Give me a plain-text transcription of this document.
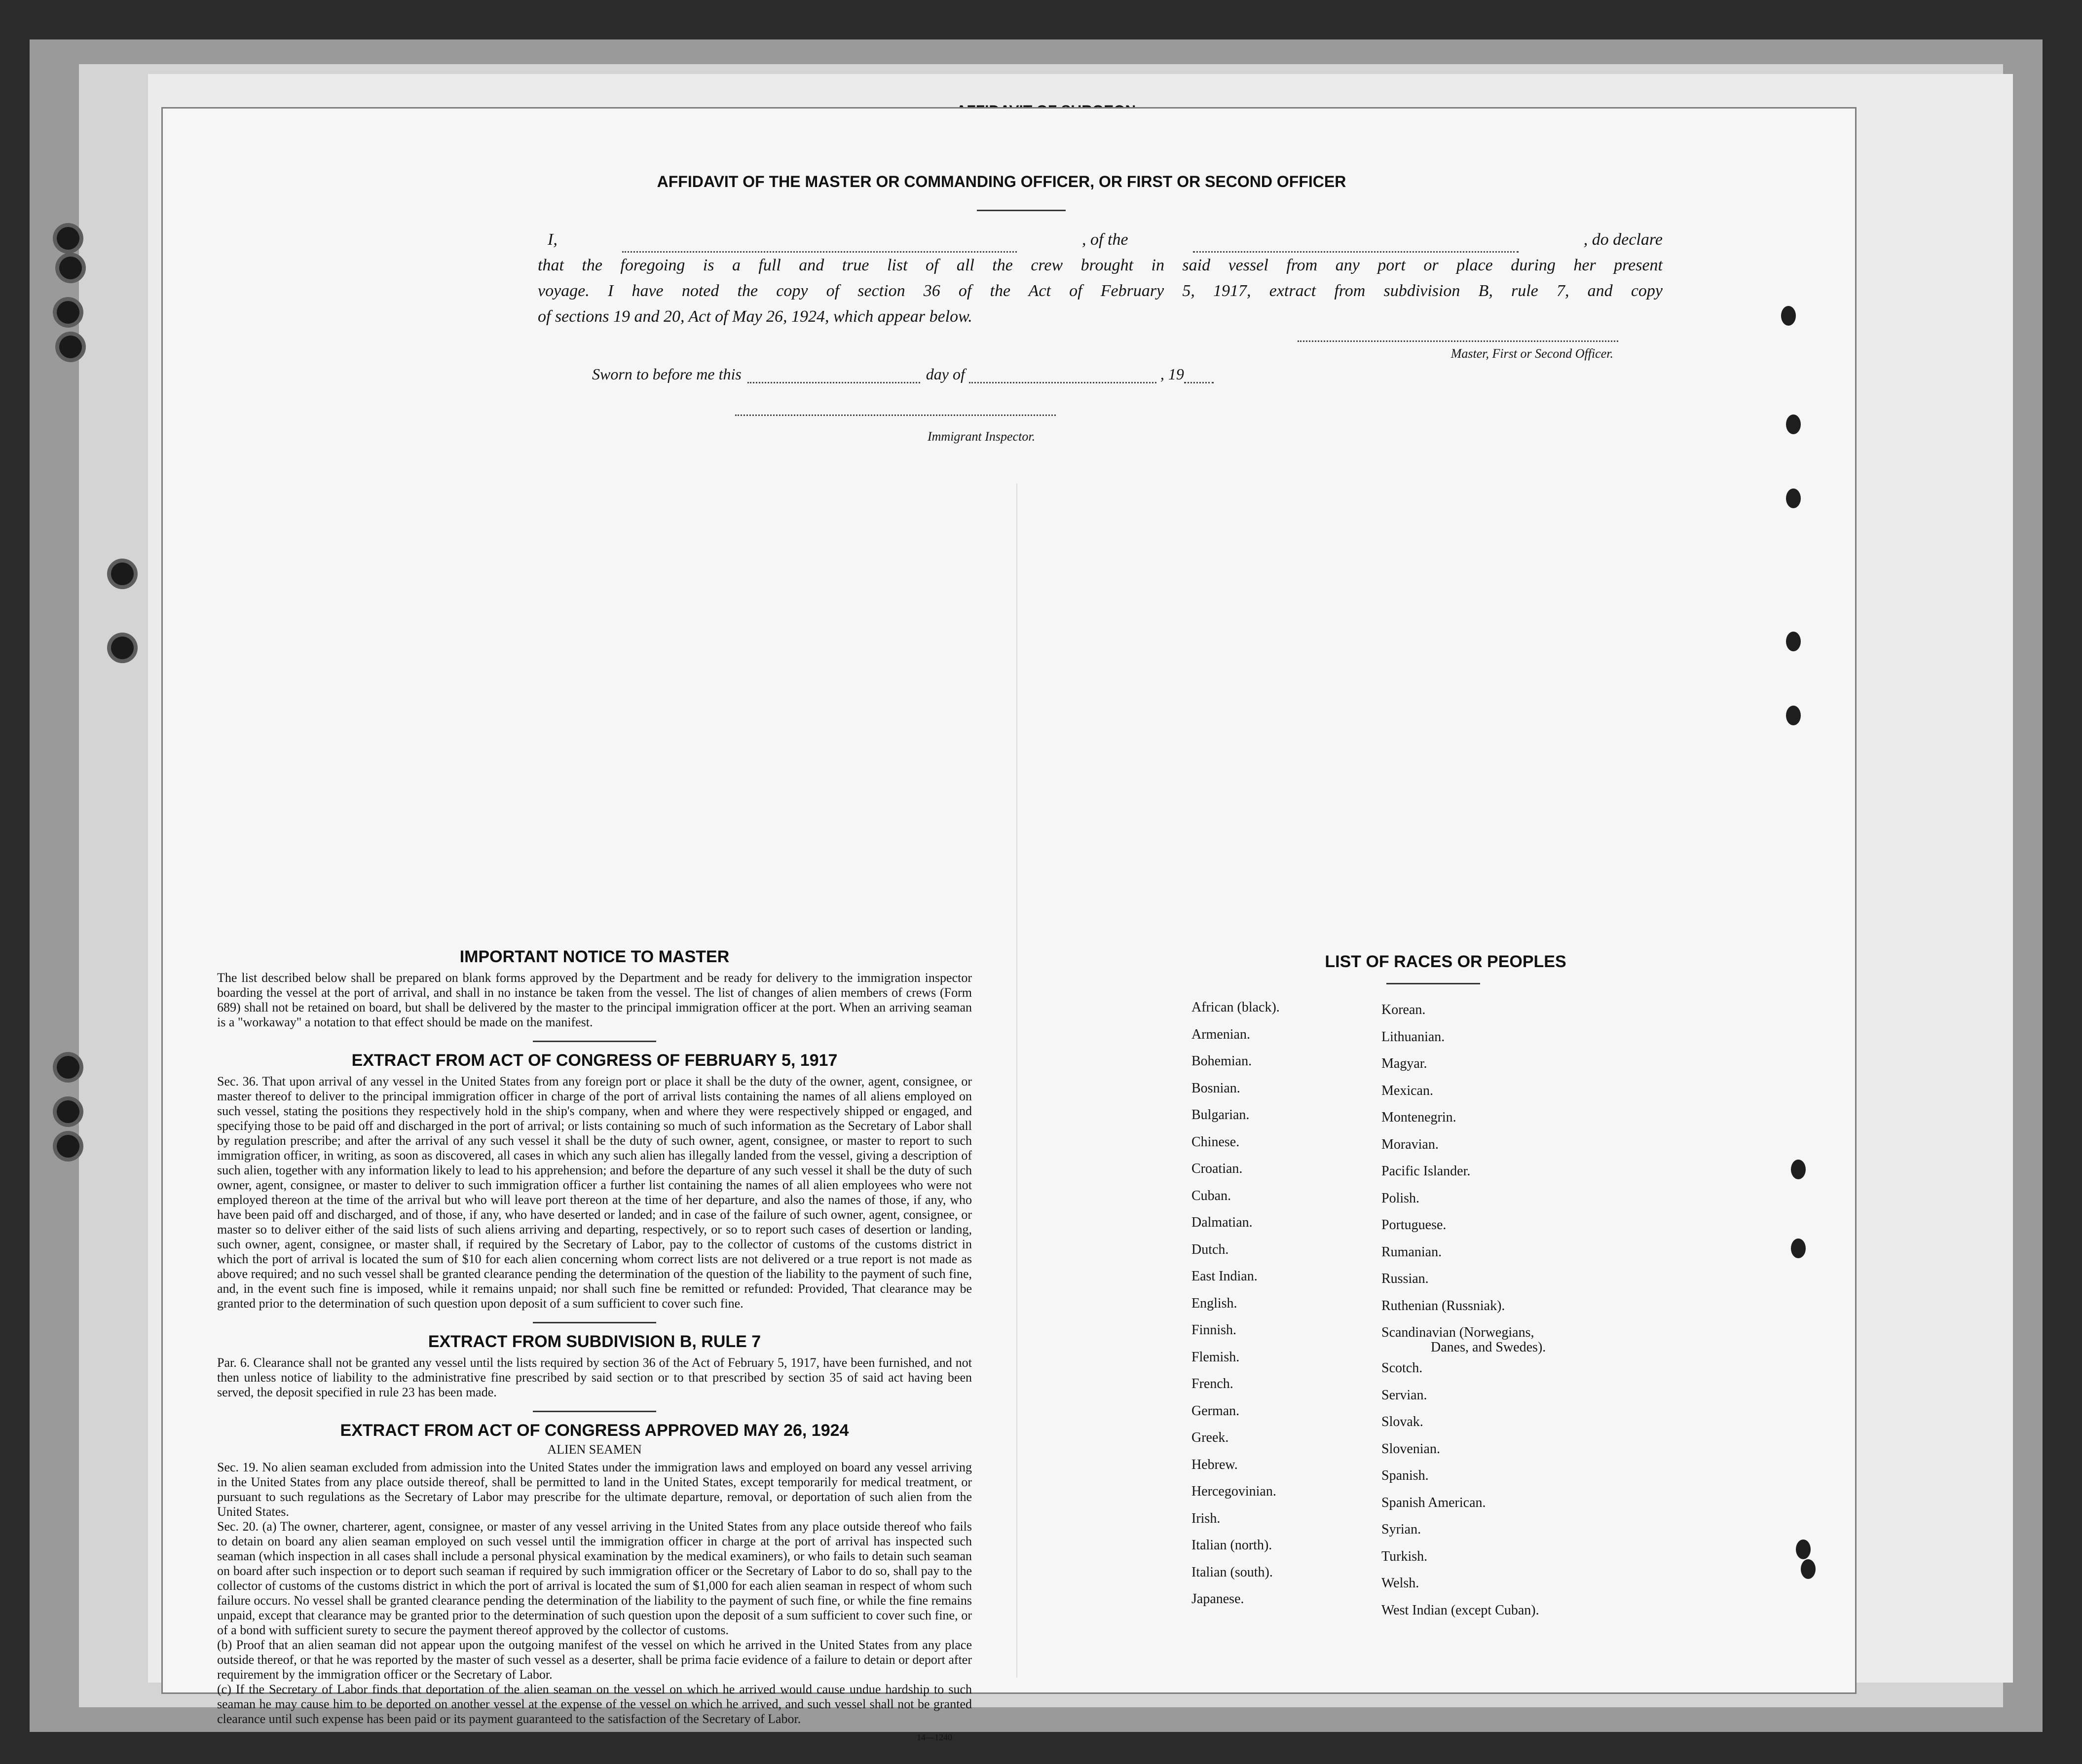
AFFIDAVIT OF THE MASTER OR COMMANDING OFFICER, OR FIRST OR SECOND OFFICER
I,	, of the	, do declare
that the foregoing is a full and true list of all the crew brought in said vessel from any port or place during her present
voyage. I have noted the copy of section 36 of the Act of February 5, 1917, extract from subdivision B, rule 7, and copy
of sections 19 and 20, Act of May 26, 1924, which appear below.
Master, First or Second Officer.
Sworn to before me this	day of	, 19
Immigrant Inspector.
IMPORTANT NOTICE TO MASTER
The list described below shall be prepared on blank forms approved by the Department and be ready for delivery to the immigration inspector boarding the vessel at the port of arrival, and shall in no instance be taken from the vessel. The list of changes of alien members of crews (Form 689) shall not be retained on board, but shall be delivered by the master to the principal immigration officer at the port. When an arriving seaman is a "workaway" a notation to that effect should be made on the manifest.
EXTRACT FROM ACT OF CONGRESS OF FEBRUARY 5, 1917
Sec. 36. That upon arrival of any vessel in the United States from any foreign port or place it shall be the duty of the owner, agent, consignee, or master thereof to deliver to the principal immigration officer in charge of the port of arrival lists containing the names of all aliens employed on such vessel, stating the positions they respectively hold in the ship's company, when and where they were respectively shipped or engaged, and specifying those to be paid off and discharged in the port of arrival; or lists containing so much of such information as the Secretary of Labor shall by regulation prescribe; and after the arrival of any such vessel it shall be the duty of such owner, agent, consignee, or master to report to such immigration officer, in writing, as soon as discovered, all cases in which any such alien has illegally landed from the vessel, giving a description of such alien, together with any information likely to lead to his apprehension; and before the departure of any such vessel it shall be the duty of such owner, agent, consignee, or master to deliver to such immigration officer a further list containing the names of all alien employees who were not employed thereon at the time of the arrival but who will leave port thereon at the time of her departure, and also the names of those, if any, who have been paid off and discharged, and of those, if any, who have deserted or landed; and in case of the failure of such owner, agent, consignee, or master so to deliver either of the said lists of such aliens arriving and departing, respectively, or so to report such cases of desertion or landing, such owner, agent, consignee, or master shall, if required by the Secretary of Labor, pay to the collector of customs of the customs district in which the port of arrival is located the sum of $10 for each alien concerning whom correct lists are not delivered or a true report is not made as above required; and no such vessel shall be granted clearance pending the determination of the question of the liability to the payment of such fine, and, in the event such fine is imposed, while it remains unpaid; nor shall such fine be remitted or refunded: Provided, That clearance may be granted prior to the determination of such question upon deposit of a sum sufficient to cover such fine.
EXTRACT FROM SUBDIVISION B, RULE 7
Par. 6. Clearance shall not be granted any vessel until the lists required by section 36 of the Act of February 5, 1917, have been furnished, and not then unless notice of liability to the administrative fine prescribed by said section or to that prescribed by section 35 of said act having been served, the deposit specified in rule 23 has been made.
EXTRACT FROM ACT OF CONGRESS APPROVED MAY 26, 1924
ALIEN SEAMEN
Sec. 19. No alien seaman excluded from admission into the United States under the immigration laws and employed on board any vessel arriving in the United States from any place outside thereof, shall be permitted to land in the United States, except temporarily for medical treatment, or pursuant to such regulations as the Secretary of Labor may prescribe for the ultimate departure, removal, or deportation of such alien from the United States.
Sec. 20. (a) The owner, charterer, agent, consignee, or master of any vessel arriving in the United States from any place outside thereof who fails to detain on board any alien seaman employed on such vessel until the immigration officer in charge at the port of arrival has inspected such seaman (which inspection in all cases shall include a personal physical examination by the medical examiners), or who fails to detain such seaman on board after such inspection or to deport such seaman if required by such immigration officer or the Secretary of Labor to do so, shall pay to the collector of customs of the customs district in which the port of arrival is located the sum of $1,000 for each alien seaman in respect of whom such failure occurs. No vessel shall be granted clearance pending the determination of the liability to the payment of such fine, or while the fine remains unpaid, except that clearance may be granted prior to the determination of such question upon the deposit of a sum sufficient to cover such fine, or of a bond with sufficient surety to secure the payment thereof approved by the collector of customs.
(b) Proof that an alien seaman did not appear upon the outgoing manifest of the vessel on which he arrived in the United States from any place outside thereof, or that he was reported by the master of such vessel as a deserter, shall be prima facie evidence of a failure to detain or deport after requirement by the immigration officer or the Secretary of Labor.
(c) If the Secretary of Labor finds that deportation of the alien seaman on the vessel on which he arrived would cause undue hardship to such seaman he may cause him to be deported on another vessel at the expense of the vessel on which he arrived, and such vessel shall not be granted clearance until such expense has been paid or its payment guaranteed to the satisfaction of the Secretary of Labor.
14—1240
LIST OF RACES OR PEOPLES
African (black).
Armenian.
Bohemian.
Bosnian.
Bulgarian.
Chinese.
Croatian.
Cuban.
Dalmatian.
Dutch.
East Indian.
English.
Finnish.
Flemish.
French.
German.
Greek.
Hebrew.
Hercegovinian.
Irish.
Italian (north).
Italian (south).
Japanese.
Korean.
Lithuanian.
Magyar.
Mexican.
Montenegrin.
Moravian.
Pacific Islander.
Polish.
Portuguese.
Rumanian.
Russian.
Ruthenian (Russniak).
Scandinavian (Norwegians,
Danes, and Swedes).
Scotch.
Servian.
Slovak.
Slovenian.
Spanish.
Spanish American.
Syrian.
Turkish.
Welsh.
West Indian (except Cuban).
